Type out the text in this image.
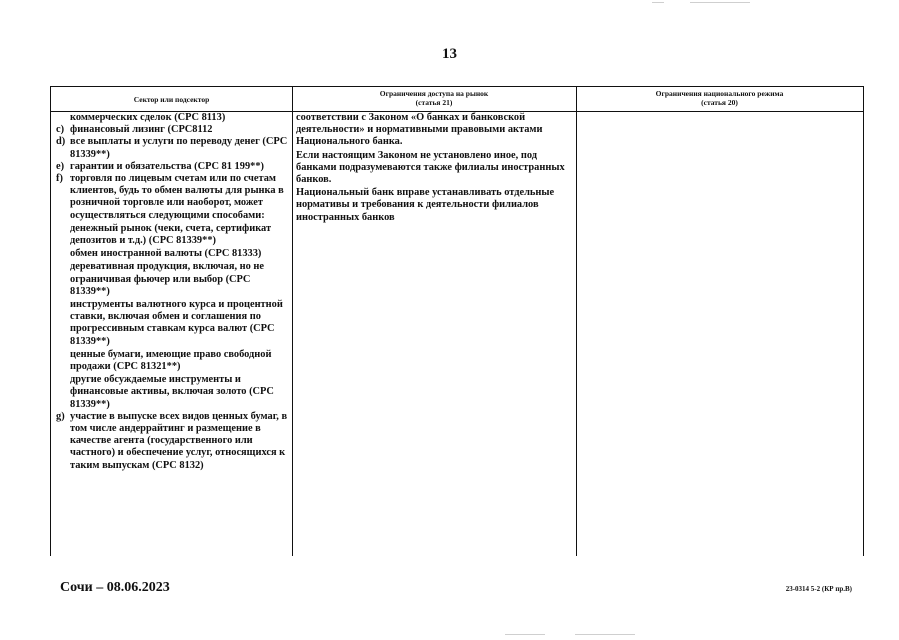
13
Сектор или подсектор
Ограничения доступа на рынок
(статья 21)
Ограничения национального режима
(статья 20)
коммерческих сделок (CPC 8113)
c) финансовый лизинг (CPC8112
d) все выплаты и услуги по переводу денег (CPC 81339**)
e) гарантии и обязательства (CPC 81 199**)
f) торговля по лицевым счетам или по счетам клиентов, будь то обмен валюты для рынка в розничной торговле или наоборот, может осуществляться следующими способами:
денежный рынок (чеки, счета, сертификат депозитов и т.д.) (CPC 81339**)
обмен иностранной валюты (CPC 81333)
деревативная продукция, включая, но не ограничивая фьючер или выбор (CPC 81339**)
инструменты валютного курса и процентной ставки, включая обмен и соглашения по прогрессивным ставкам курса валют (CPC 81339**)
ценные бумаги, имеющие право свободной продажи (CPC 81321**)
другие обсуждаемые инструменты и финансовые активы, включая золото (CPC 81339**)
g) участие в выпуске всех видов ценных бумаг, в том числе андеррайтинг и размещение в качестве агента (государственного или частного) и обеспечение услуг, относящихся к таким выпускам (CPC 8132)
соответствии с Законом «О банках и банковской деятельности» и нормативными правовыми актами Национального банка.
Если настоящим Законом не установлено иное, под банками подразумеваются также филиалы иностранных банков.
Национальный банк вправе устанавливать отдельные нормативы и требования к деятельности филиалов иностранных банков
Сочи – 08.06.2023	23-0314 5-2 (КР пр.В)
